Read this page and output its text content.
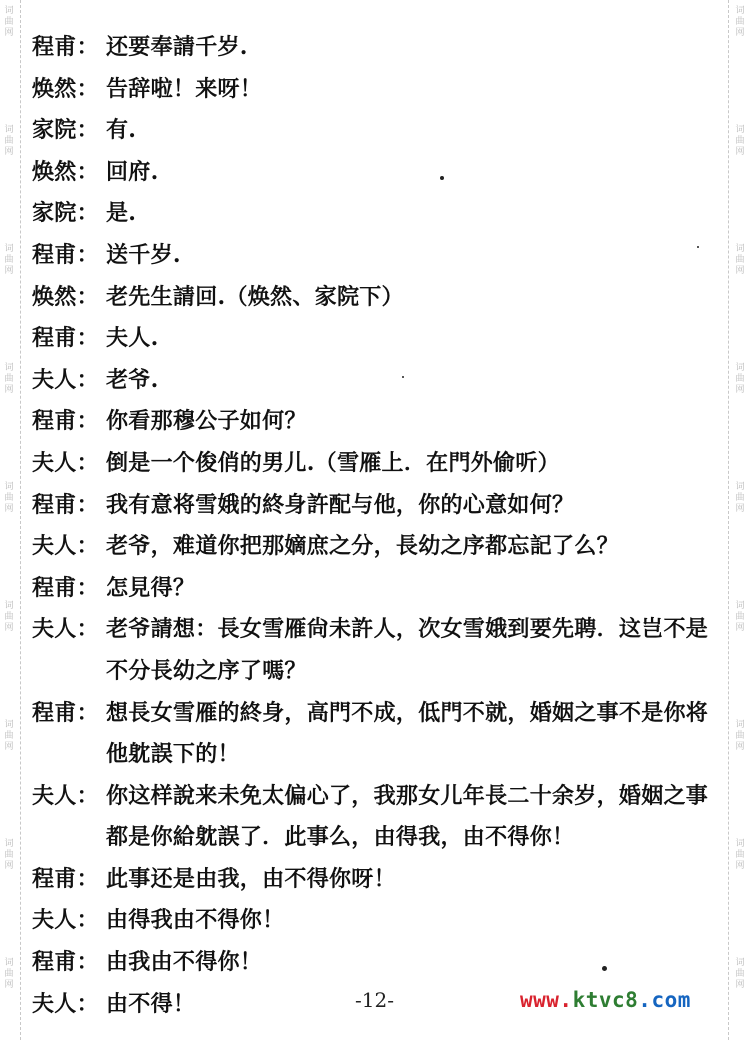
词曲网
词曲网
词曲网
词曲网
词曲网
词曲网
词曲网
词曲网
词曲网
词曲网
词曲网
词曲网
词曲网
词曲网
词曲网
词曲网
词曲网
词曲网
程甫： 还要奉請千岁.
焕然： 告辞啦！来呀！
家院： 有.
焕然： 回府.
家院： 是.
程甫： 送千岁.
焕然： 老先生請回.（焕然、家院下）
程甫： 夫人.
夫人： 老爷.
程甫： 你看那穆公子如何？
夫人： 倒是一个俊俏的男儿.（雪雁上．在門外偷听）
程甫： 我有意将雪娥的終身許配与他，你的心意如何？
夫人： 老爷，难道你把那嫡庶之分，長幼之序都忘記了么？
程甫： 怎見得？
夫人： 老爷請想：長女雪雁尙未許人，次女雪娥到要先聘．这岂不是不分長幼之序了嗎？
程甫： 想長女雪雁的終身，高門不成，低門不就，婚姻之事不是你将他躭誤下的！
夫人： 你这样說来未免太偏心了，我那女儿年長二十余岁，婚姻之事都是你給躭誤了．此事么，由得我，由不得你！
程甫： 此事还是由我，由不得你呀！
夫人： 由得我由不得你！
程甫： 由我由不得你！
夫人： 由不得！	-12-	www.ktvc8.com
